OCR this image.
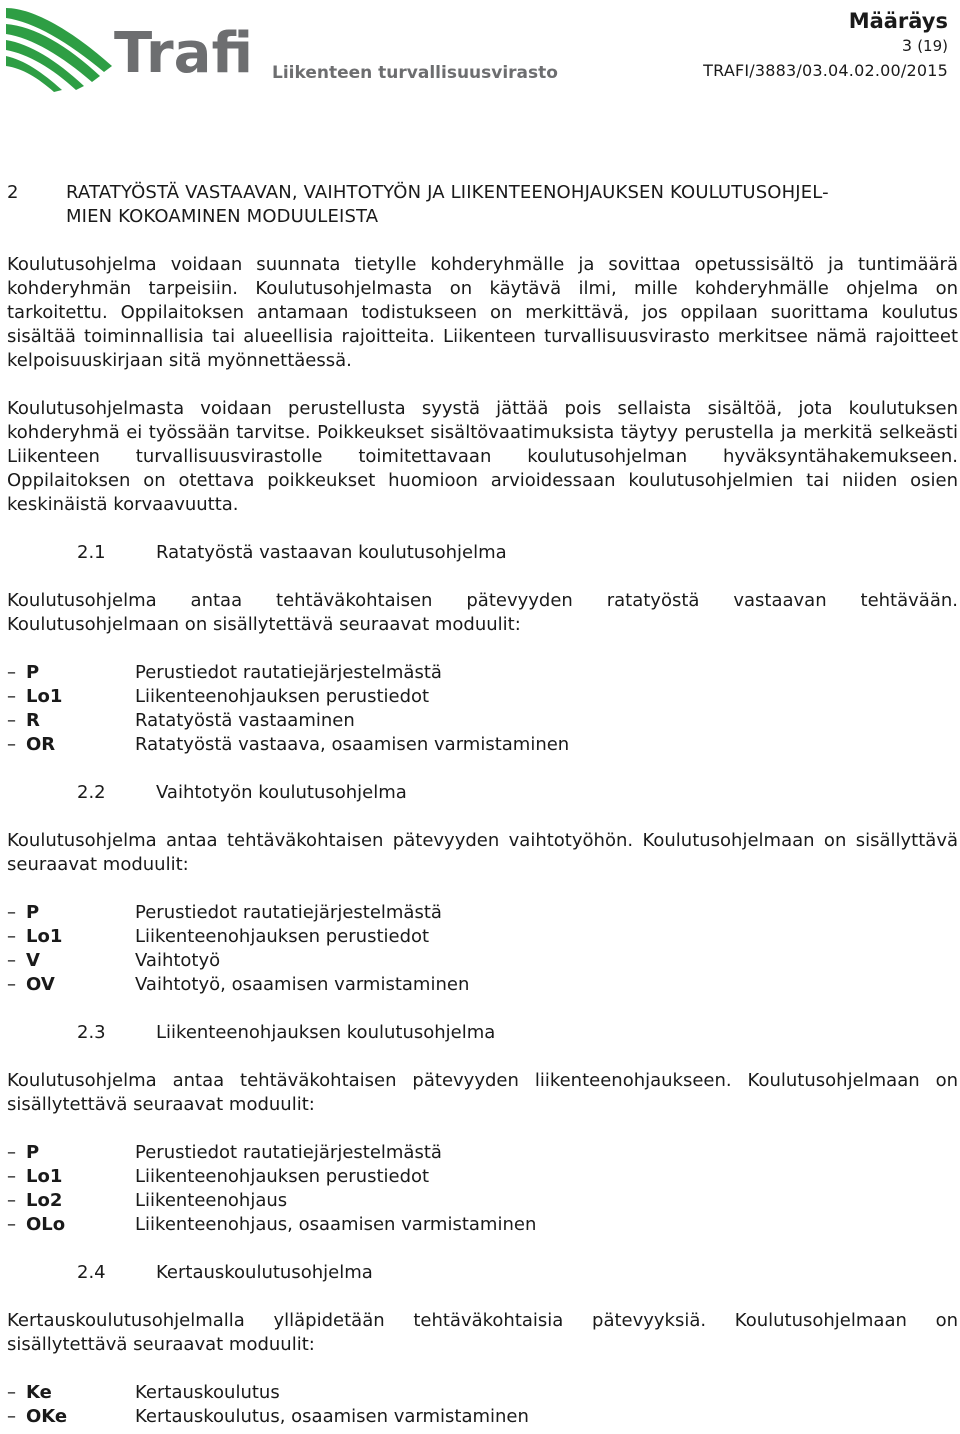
Trafi Liikenteen turvallisuusvirasto
Määräys
3 (19)
TRAFI/3883/03.04.02.00/2015
2	RATATYÖSTÄ VASTAAVAN, VAIHTOTYÖN JA LIIKENTEENOHJAUKSEN KOULUTUSOHJEL-
MIEN KOKOAMINEN MODUULEISTA

Koulutusohjelma voidaan suunnata tietylle kohderyhmälle ja sovittaa opetussisältö ja tuntimäärä kohderyhmän tarpeisiin. Koulutusohjelmasta on käytävä ilmi, mille kohderyhmälle ohjelma on tarkoitettu. Oppilaitoksen antamaan todistukseen on merkittävä, jos oppilaan suorittama koulutus sisältää toiminnallisia tai alueellisia rajoitteita. Liikenteen turvallisuusvirasto merkitsee nämä rajoitteet kelpoisuuskirjaan sitä myönnettäessä.

Koulutusohjelmasta voidaan perustellusta syystä jättää pois sellaista sisältöä, jota koulutuksen kohderyhmä ei työssään tarvitse. Poikkeukset sisältövaatimuksista täytyy perustella ja merkitä selkeästi Liikenteen turvallisuusvirastolle toimitettavaan koulutusohjelman hyväksyntähakemukseen. Oppilaitoksen on otettava poikkeukset huomioon arvioidessaan koulutusohjelmien tai niiden osien keskinäistä korvaavuutta.

2.1	Ratatyöstä vastaavan koulutusohjelma

Koulutusohjelma antaa tehtäväkohtaisen pätevyyden ratatyöstä vastaavan tehtävään. Koulutusohjelmaan on sisällytettävä seuraavat moduulit:

– P	Perustiedot rautatiejärjestelmästä
– Lo1	Liikenteenohjauksen perustiedot
– R	Ratatyöstä vastaaminen
– OR	Ratatyöstä vastaava, osaamisen varmistaminen
2.2	Vaihtotyön koulutusohjelma

Koulutusohjelma antaa tehtäväkohtaisen pätevyyden vaihtotyöhön. Koulutusohjelmaan on sisällyttävä seuraavat moduulit:

– P	Perustiedot rautatiejärjestelmästä
– Lo1	Liikenteenohjauksen perustiedot
– V	Vaihtotyö
– OV	Vaihtotyö, osaamisen varmistaminen
2.3	Liikenteenohjauksen koulutusohjelma

Koulutusohjelma antaa tehtäväkohtaisen pätevyyden liikenteenohjaukseen. Koulutusohjelmaan on sisällytettävä seuraavat moduulit:

– P	Perustiedot rautatiejärjestelmästä
– Lo1	Liikenteenohjauksen perustiedot
– Lo2	Liikenteenohjaus
– OLo	Liikenteenohjaus, osaamisen varmistaminen
2.4	Kertauskoulutusohjelma

Kertauskoulutusohjelmalla ylläpidetään tehtäväkohtaisia pätevyyksiä. Koulutusohjelmaan on sisällytettävä seuraavat moduulit:

– Ke	Kertauskoulutus
– OKe	Kertauskoulutus, osaamisen varmistaminen
